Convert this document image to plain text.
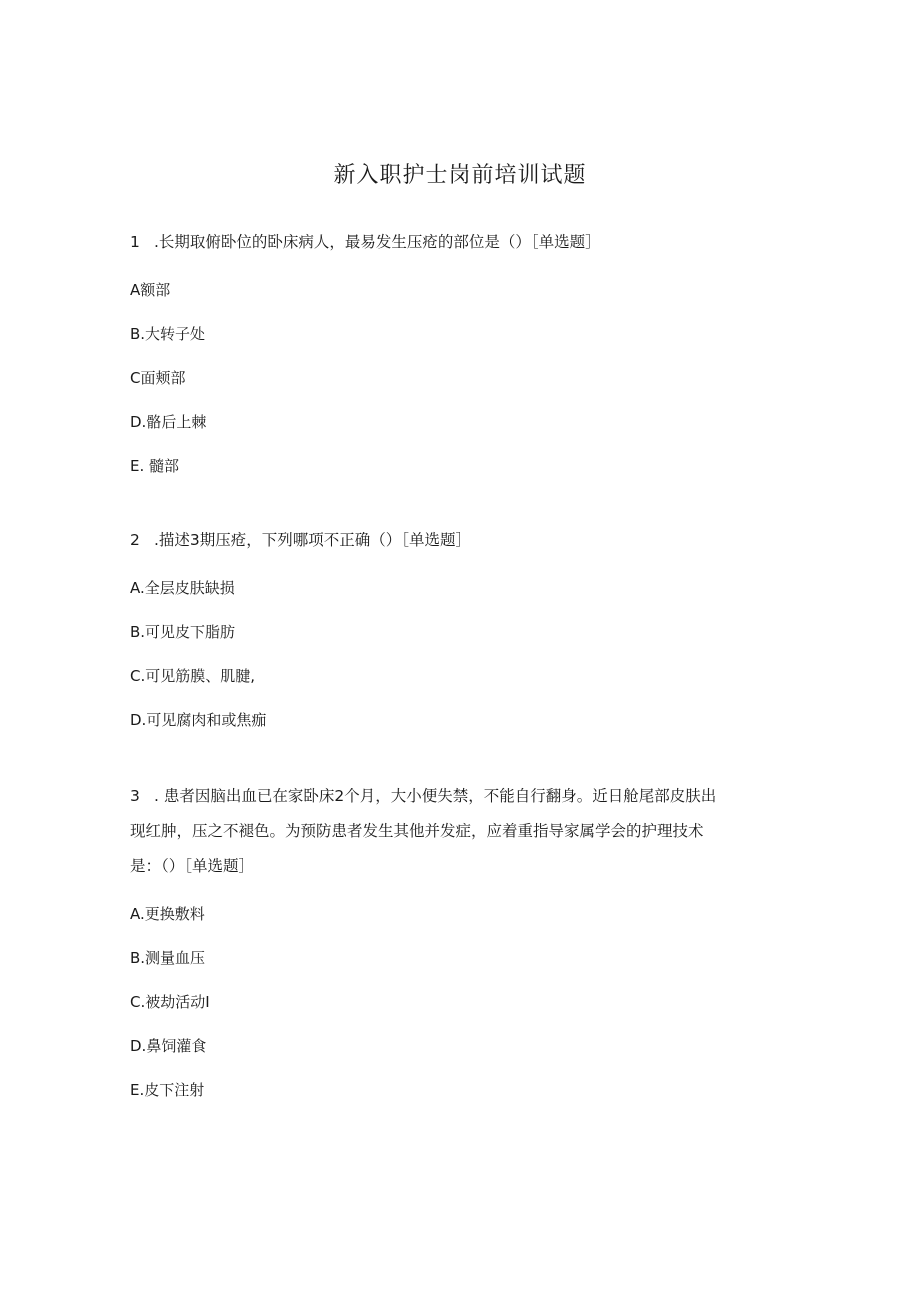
新入职护士岗前培训试题
1 .长期取俯卧位的卧床病人，最易发生压疮的部位是（）［单选题］
A额部
B.大转子处
C面颊部
D.骼后上棘
E. 髓部
2 .描述3期压疮，下列哪项不正确（）［单选题］
A.全层皮肤缺损
B.可见皮下脂肪
C.可见筋膜、肌腱,
D.可见腐肉和或焦痂
3 . 患者因脑出血已在家卧床2个月，大小便失禁，不能自行翻身。近日舱尾部皮肤出
现红肿，压之不褪色。为预防患者发生其他并发症，应着重指导家属学会的护理技术
是：（）［单选题］
A.更换敷料
B.测量血压
C.被劫活动I
D.鼻饲灌食
E.皮下注射
